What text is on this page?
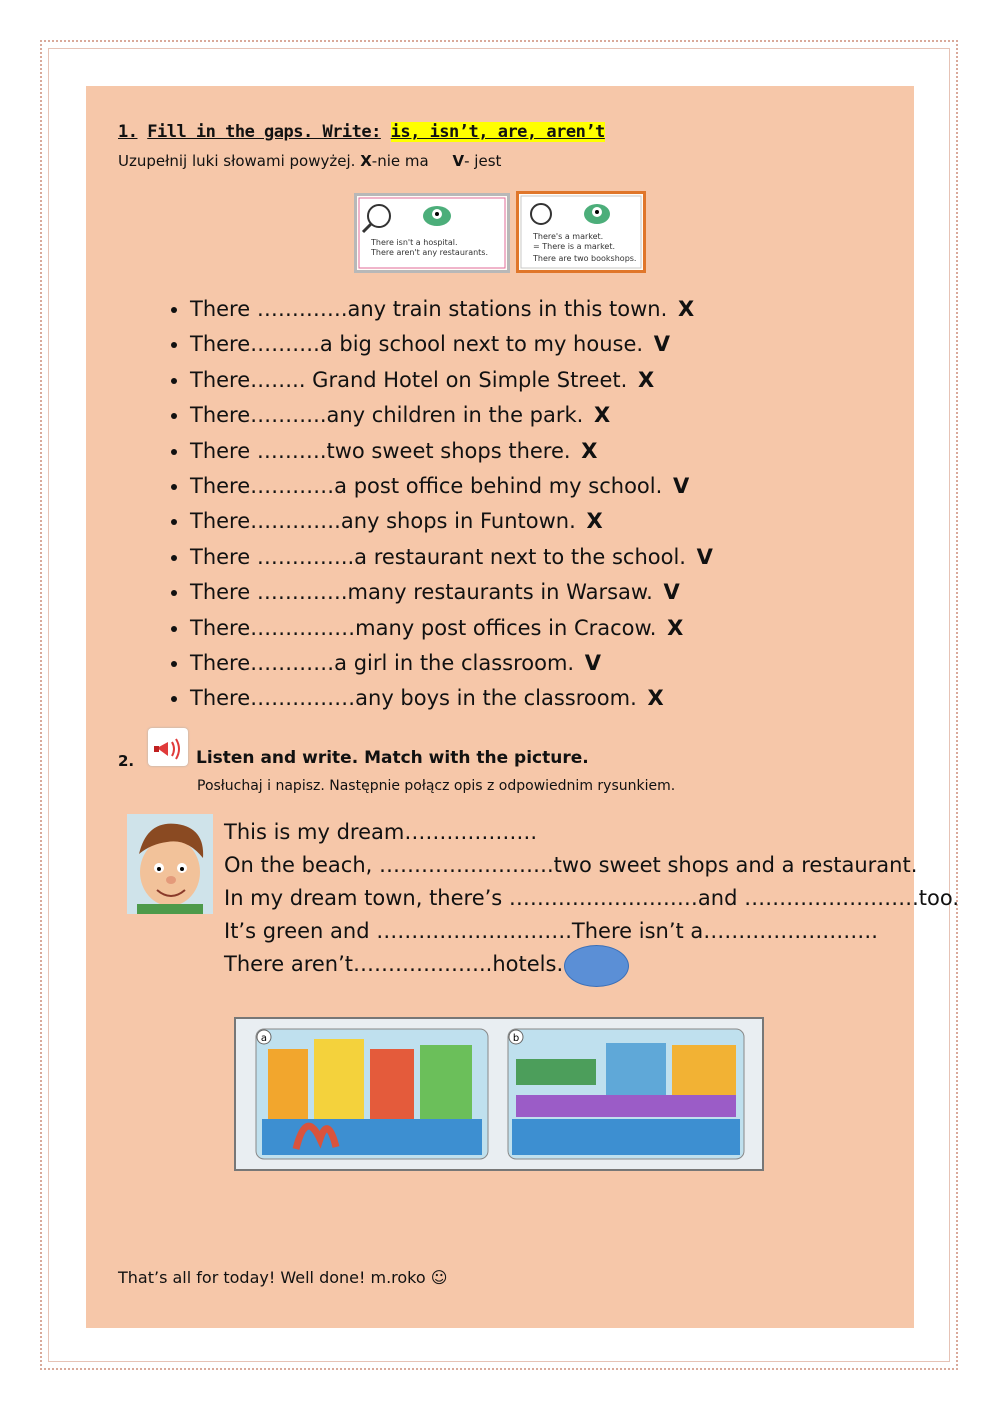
1. Fill in the gaps. Write: is, isn’t, are, aren’t
Uzupełnij luki słowami powyżej. X-nie ma V- jest
There isn't a hospital.
There aren't any restaurants.
There's a market.
= There is a market.
There are two bookshops.
• There ………….any train stations in this town. X
• There……….a big school next to my house. V
• There…….. Grand Hotel on Simple Street. X
• There………..any children in the park. X
• There ……….two sweet shops there. X
• There…………a post office behind my school. V
• There………….any shops in Funtown. X
• There …………..a restaurant next to the school. V
• There ………….many restaurants in Warsaw. V
• There……………many post offices in Cracow. X
• There…………a girl in the classroom. V
• There……………any boys in the classroom. X
2.	Listen and write. Match with the picture.
Posłuchaj i napisz. Następnie połącz opis z odpowiednim rysunkiem.
This is my dream……………….
On the beach, …………………….two sweet shops and a restaurant.
In my dream town, there’s ………………………and …………………….too.
It’s green and ……………………….There isn’t a…………………….
There aren’t………………..hotels.
a	b
That’s all for today! Well done! m.roko ☺
